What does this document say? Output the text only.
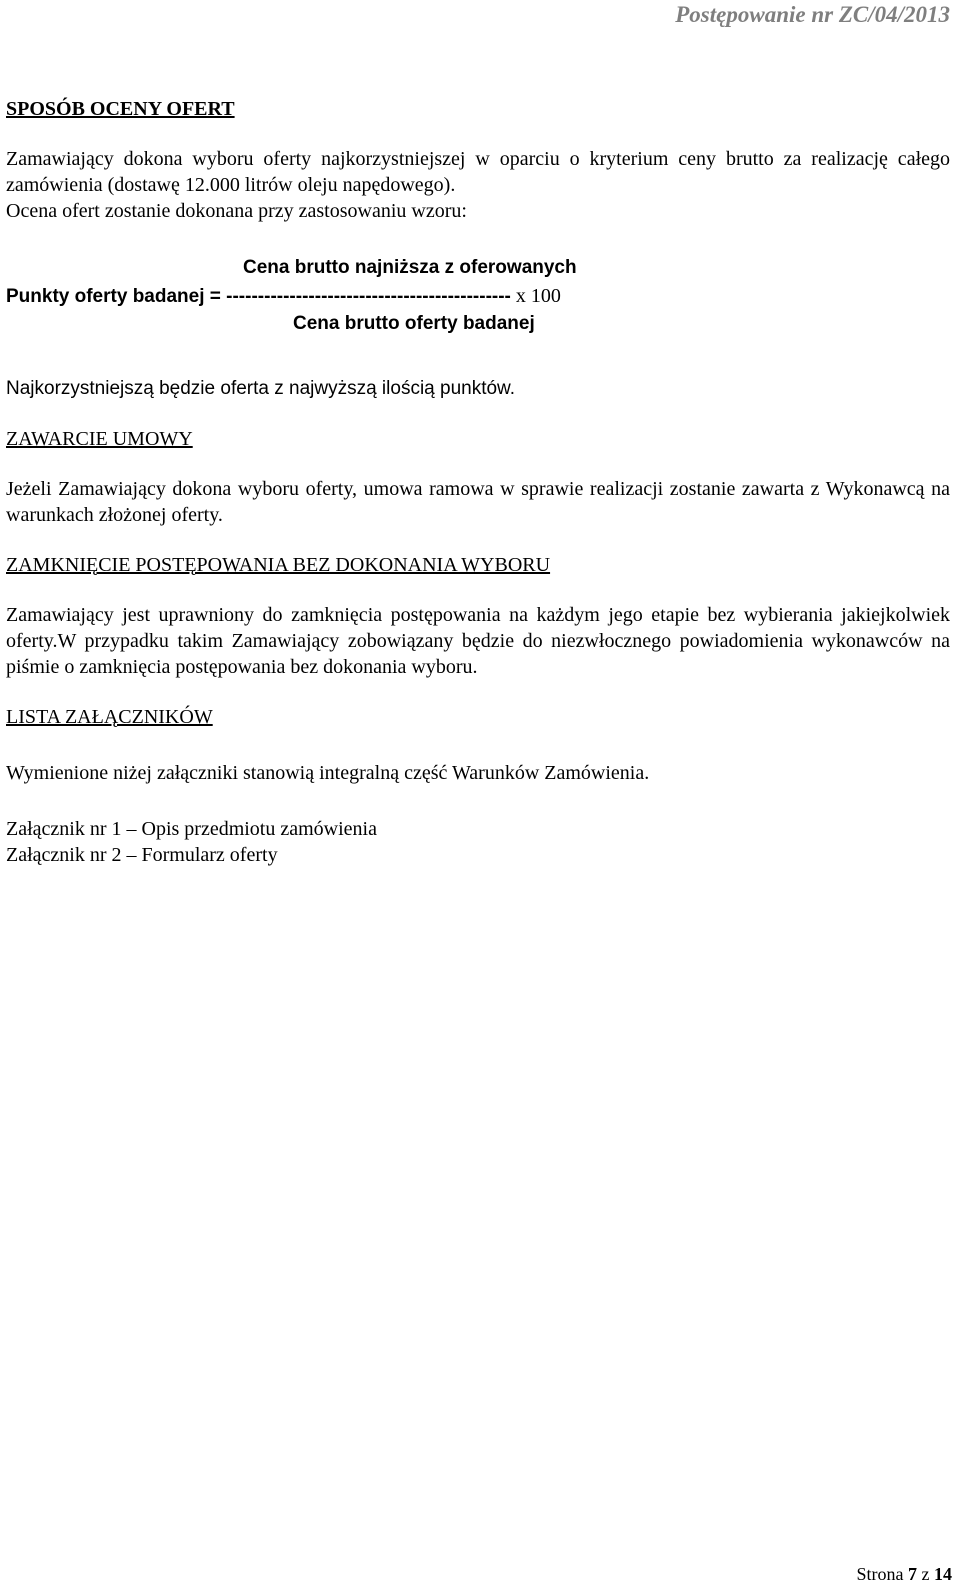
Postępowanie nr ZC/04/2013
SPOSÓB OCENY OFERT

Zamawiający dokona wyboru oferty najkorzystniejszej w oparciu o kryterium ceny brutto za realizację całego zamówienia (dostawę 12.000 litrów oleju napędowego).

Ocena ofert zostanie dokonana przy zastosowaniu wzoru:

Cena brutto najniższa z oferowanych
Punkty oferty badanej = --------------------------------------------- x 100
Cena brutto oferty badanej
Najkorzystniejszą będzie oferta z najwyższą ilością punktów.
ZAWARCIE UMOWY

Jeżeli Zamawiający dokona wyboru oferty, umowa ramowa w sprawie realizacji zostanie zawarta z Wykonawcą na warunkach złożonej oferty.

ZAMKNIĘCIE POSTĘPOWANIA BEZ DOKONANIA WYBORU

Zamawiający jest uprawniony do zamknięcia postępowania na każdym jego etapie bez wybierania jakiejkolwiek oferty.W przypadku takim Zamawiający zobowiązany będzie do niezwłocznego powiadomienia wykonawców na piśmie o zamknięcia postępowania bez dokonania wyboru.

LISTA ZAŁĄCZNIKÓW

Wymienione niżej załączniki stanowią integralną część Warunków Zamówienia.

Załącznik nr 1 – Opis przedmiotu zamówienia

Załącznik nr 2 – Formularz oferty

Strona 7 z 14
